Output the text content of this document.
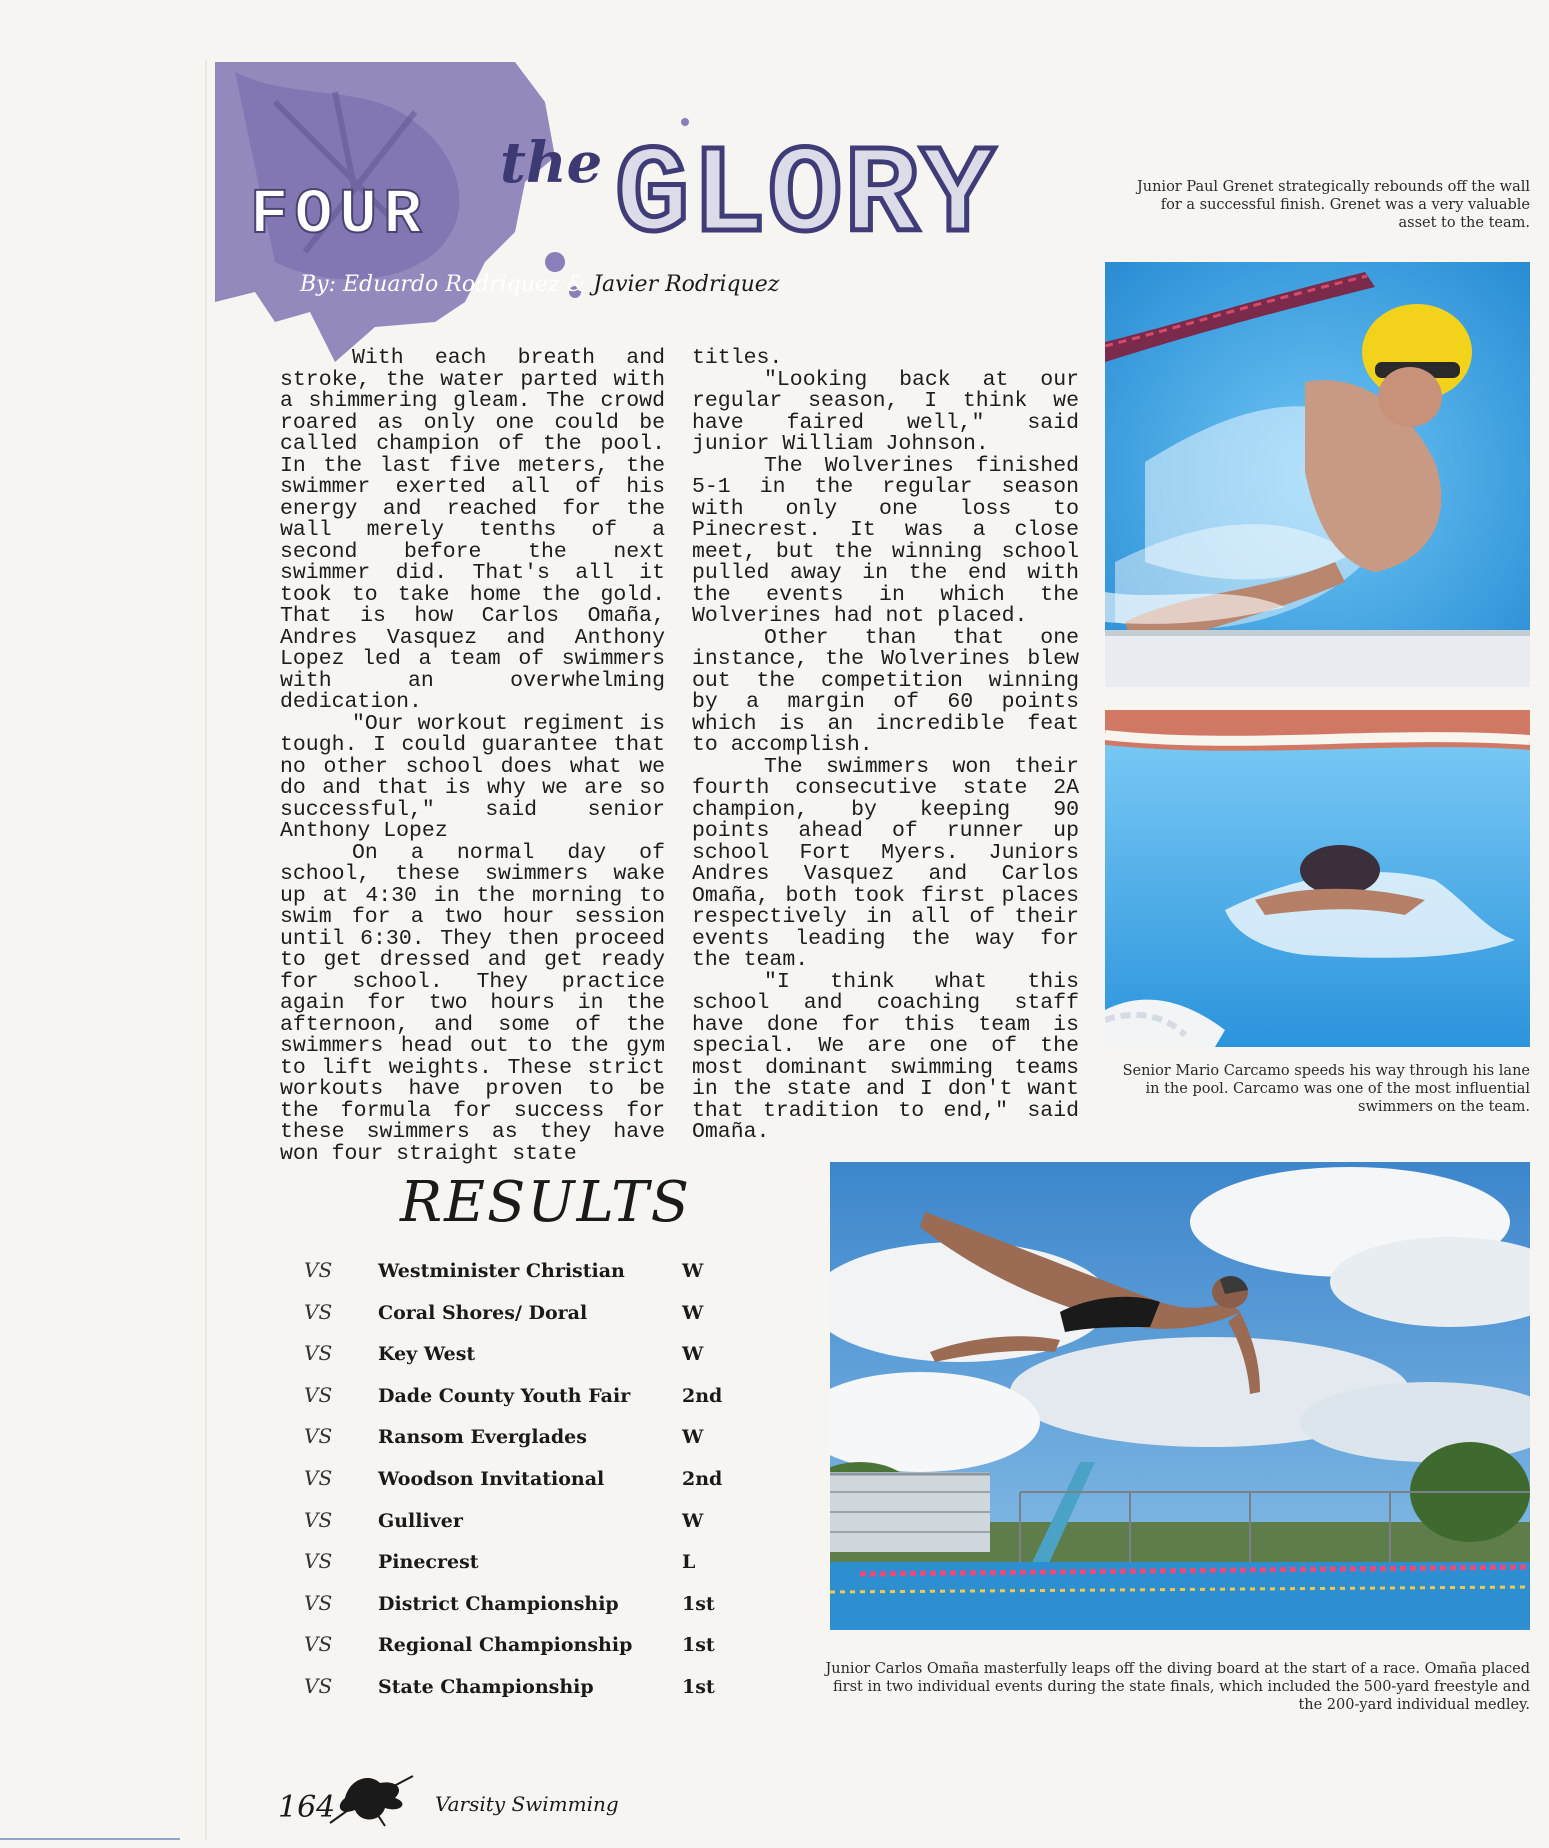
FOUR
the GLORY
By: Eduardo Rodriquez & Javier Rodriquez

With each breath and stroke, the water parted with a shimmering gleam. The crowd roared as only one could be called champion of the pool. In the last five meters, the swimmer exerted all of his energy and reached for the wall merely tenths of a second before the next swimmer did. That's all it took to take home the gold. That is how Carlos Omaña, Andres Vasquez and Anthony Lopez led a team of swimmers with an overwhelming dedication.

"Our workout regiment is tough. I could guarantee that no other school does what we do and that is why we are so successful," said senior Anthony Lopez

On a normal day of school, these swimmers wake up at 4:30 in the morning to swim for a two hour session until 6:30. They then proceed to get dressed and get ready for school. They practice again for two hours in the afternoon, and some of the swimmers head out to the gym to lift weights. These strict workouts have proven to be the formula for success for these swimmers as they have won four straight state

titles.

"Looking back at our regular season, I think we have faired well," said junior William Johnson.

The Wolverines finished 5-1 in the regular season with only one loss to Pinecrest. It was a close meet, but the winning school pulled away in the end with the events in which the Wolverines had not placed.

Other than that one instance, the Wolverines blew out the competition winning by a margin of 60 points which is an incredible feat to accomplish.

The swimmers won their fourth consecutive state 2A champion, by keeping 90 points ahead of runner up school Fort Myers. Juniors Andres Vasquez and Carlos Omaña, both took first places respectively in all of their events leading the way for the team.

"I think what this school and coaching staff have done for this team is special. We are one of the most dominant swimming teams in the state and I don't want that tradition to end," said Omaña.

Junior Paul Grenet strategically rebounds off the wall for a successful finish. Grenet was a very valuable asset to the team.
Senior Mario Carcamo speeds his way through his lane in the pool. Carcamo was one of the most influential swimmers on the team.
Junior Carlos Omaña masterfully leaps off the diving board at the start of a race. Omaña placed first in two individual events during the state finals, which included the 500-yard freestyle and the 200-yard individual medley.
RESULTS
VS Westminister Christian	W
VS Coral Shores/ Doral	W
VS Key West	W
VS Dade County Youth Fair	2nd
VS Ransom Everglades	W
VS Woodson Invitational	2nd
VS Gulliver	W
VS Pinecrest	L
VS District Championship	1st
VS Regional Championship	1st
VS State Championship	1st
164	Varsity Swimming
